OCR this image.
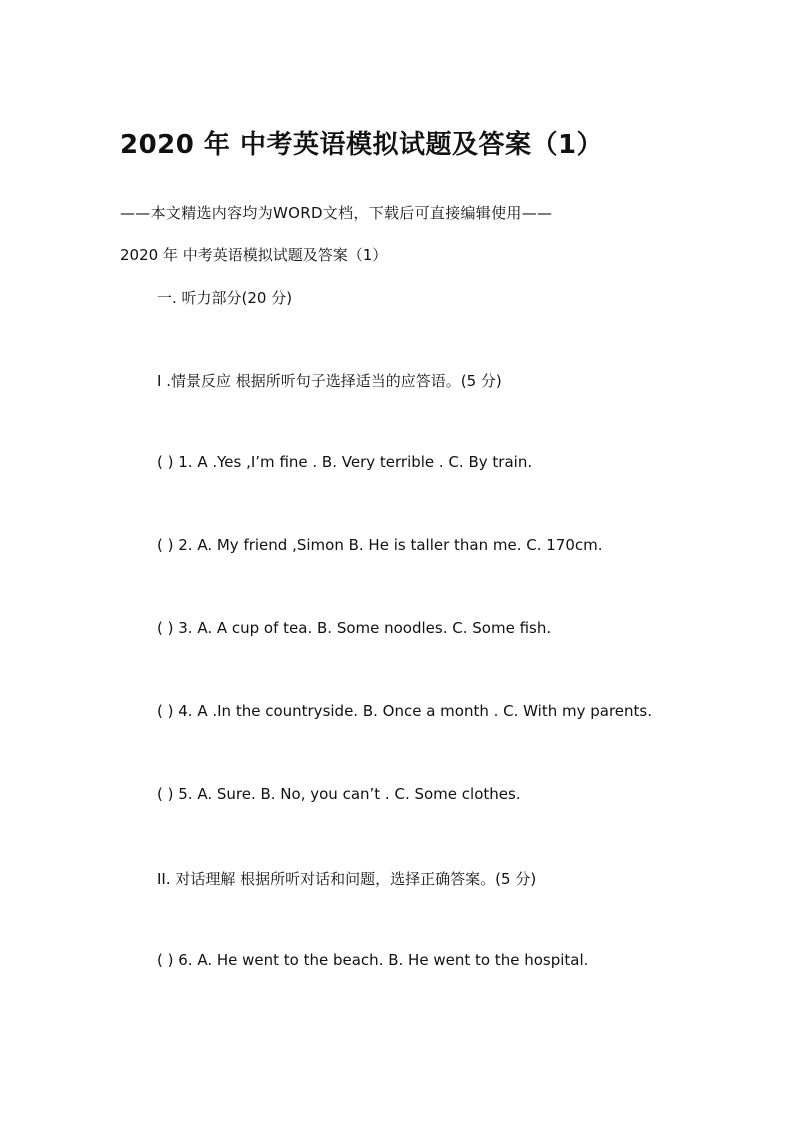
2020 年 中考英语模拟试题及答案（1）
——本文精选内容均为WORD文档，下载后可直接编辑使用——
2020 年 中考英语模拟试题及答案（1）
一. 听力部分(20 分)
I .情景反应 根据所听句子选择适当的应答语。(5 分)
( ) 1. A .Yes ,I’m fine . B. Very terrible . C. By train.
( ) 2. A. My friend ,Simon B. He is taller than me. C. 170cm.
( ) 3. A. A cup of tea. B. Some noodles. C. Some fish.
( ) 4. A .In the countryside. B. Once a month . C. With my parents.
( ) 5. A. Sure. B. No, you can’t . C. Some clothes.
II. 对话理解 根据所听对话和问题，选择正确答案。(5 分)
( ) 6. A. He went to the beach. B. He went to the hospital.
